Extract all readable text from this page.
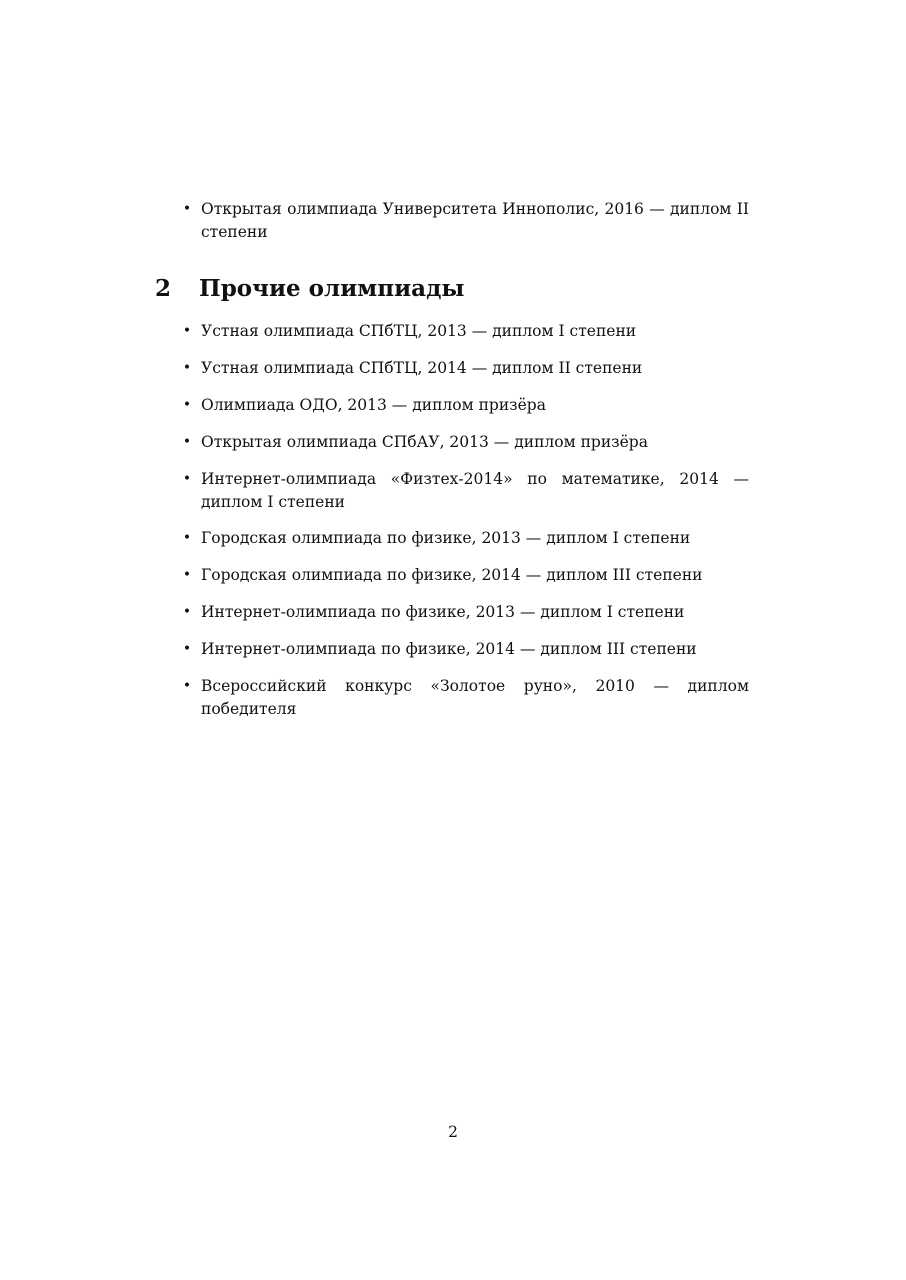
• Открытая олимпиада Университета Иннополис, 2016 — диплом II степени
2 Прочие олимпиады
• Устная олимпиада СПбТЦ, 2013 — диплом I степени
• Устная олимпиада СПбТЦ, 2014 — диплом II степени
• Олимпиада ОДО, 2013 — диплом призёра
• Открытая олимпиада СПбАУ, 2013 — диплом призёра
• Интернет-олимпиада «Физтех-2014» по математике, 2014 — диплом I степени
• Городская олимпиада по физике, 2013 — диплом I степени
• Городская олимпиада по физике, 2014 — диплом III степени
• Интернет-олимпиада по физике, 2013 — диплом I степени
• Интернет-олимпиада по физике, 2014 — диплом III степени
• Всероссийский конкурс «Золотое руно», 2010 — диплом победителя
2
